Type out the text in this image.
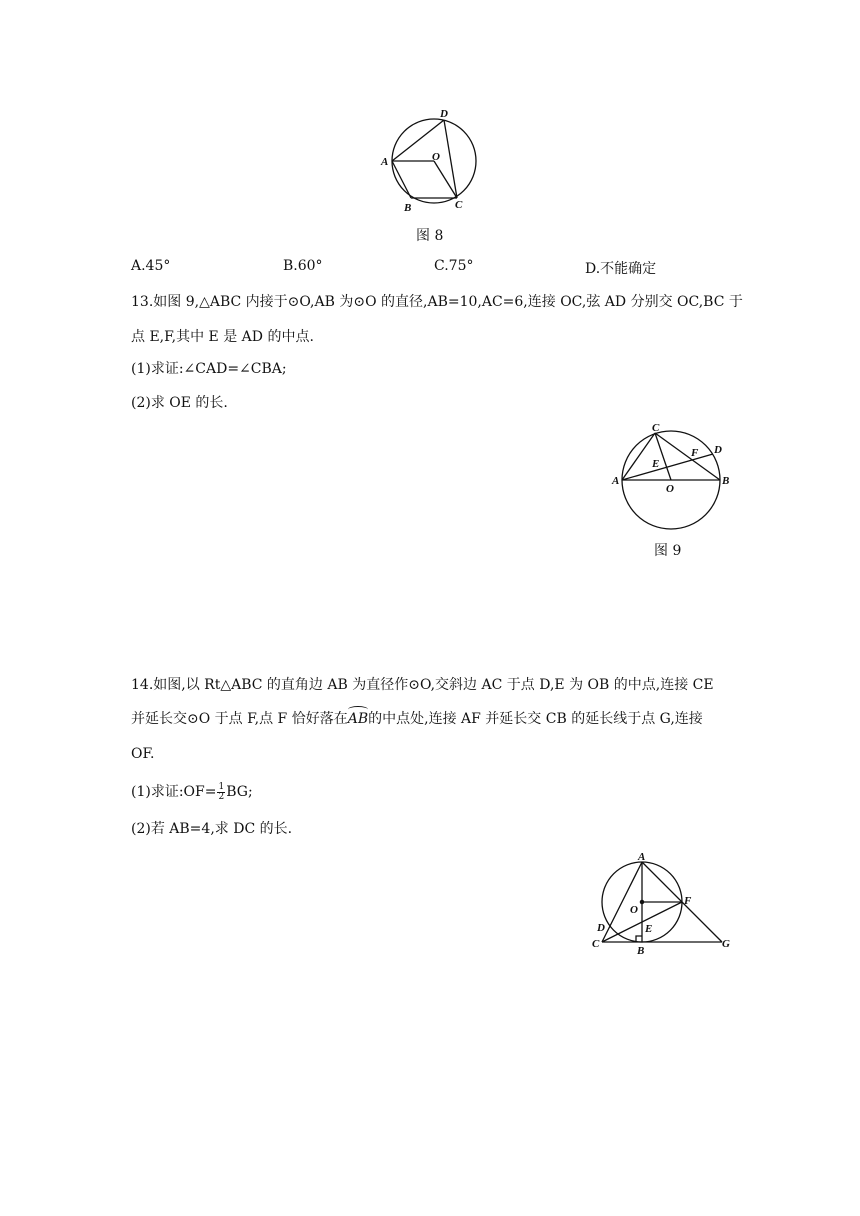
D
A	O
B	C
图 8
A.45°	B.60°	C.75°	D.不能确定
13.如图 9,△ABC 内接于⊙O,AB 为⊙O 的直径,AB=10,AC=6,连接 OC,弦 AD 分别交 OC,BC 于
点 E,F,其中 E 是 AD 的中点.
(1)求证:∠CAD=∠CBA;
(2)求 OE 的长.
C
D
F
E
A
O
B
图 9
14.如图,以 Rt△ABC 的直角边 AB 为直径作⊙O,交斜边 AC 于点 D,E 为 OB 的中点,连接 CE
并延长交⊙O 于点 F,点 F 恰好落在AB的中点处,连接 AF 并延长交 CB 的延长线于点 G,连接
OF.
(1)求证:OF= $\frac{1}{2}$ BG;
(2)若 AB=4,求 DC 的长.
A
F
O
D	E
C
B
G
